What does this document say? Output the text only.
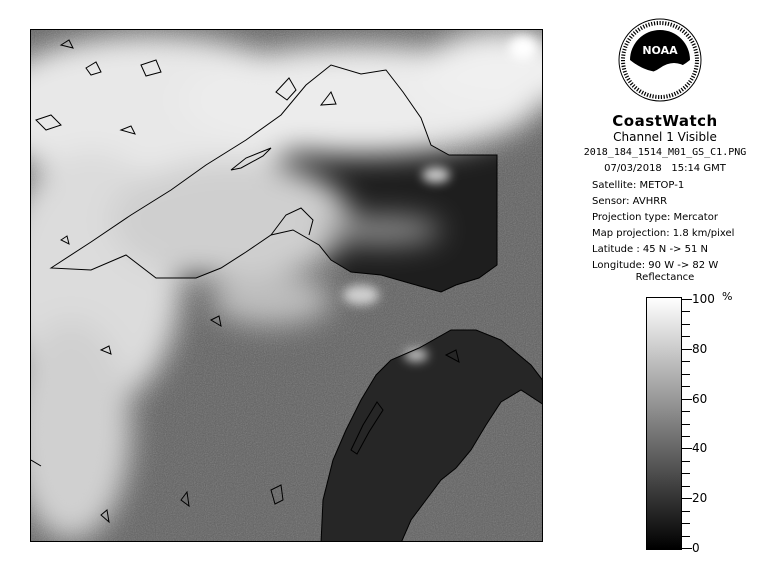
NOAA
CoastWatch
Channel 1 Visible
2018_184_1514_M01_GS_C1.PNG
07/03/2018 15:14 GMT
Satellite: METOP-1
Sensor: AVHRR
Projection type: Mercator
Map projection: 1.8 km/pixel
Latitude : 45 N -> 51 N
Longitude: 90 W -> 82 W
Reflectance
%
100
80
60
40
20
0
